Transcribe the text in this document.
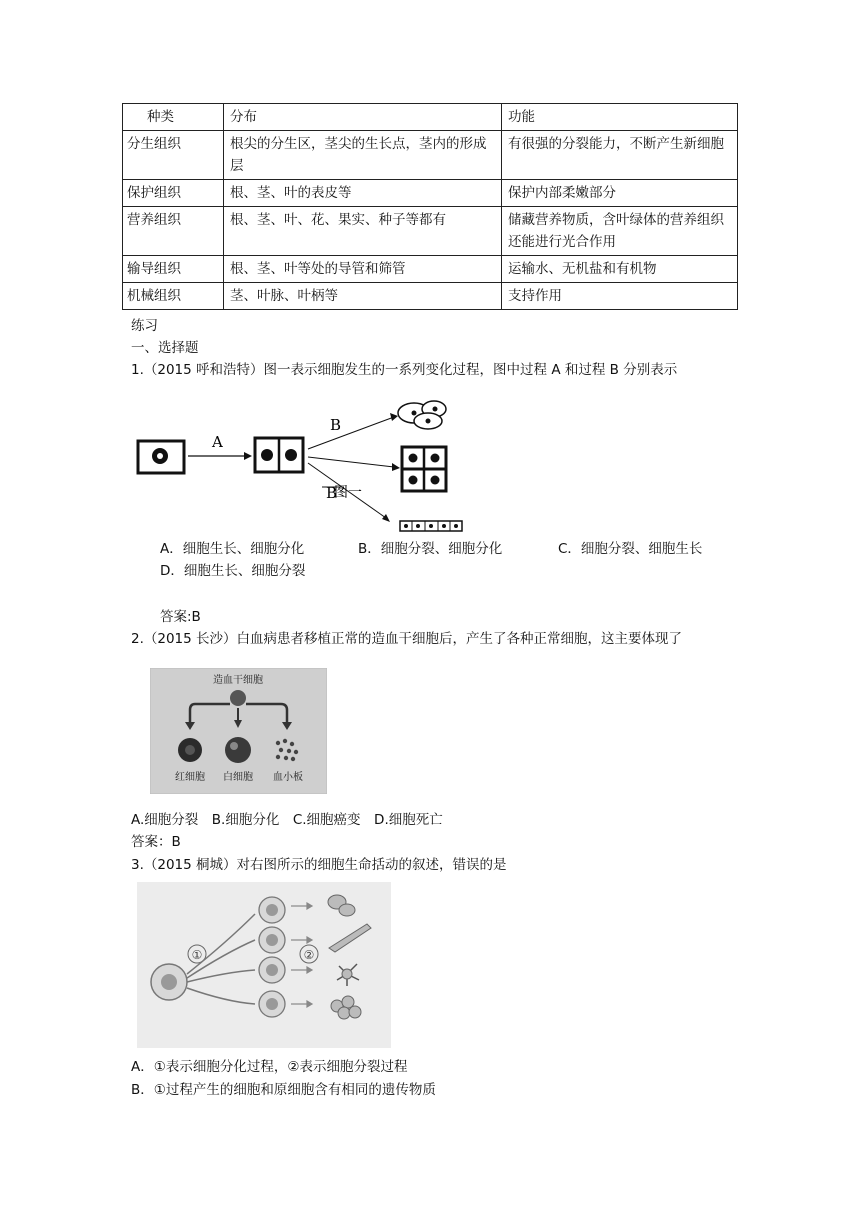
种类	分布	功能
分生组织	根尖的分生区，茎尖的生长点，茎内的形成层	有很强的分裂能力，不断产生新细胞
保护组织	根、茎、叶的表皮等	保护内部柔嫩部分
营养组织	根、茎、叶、花、果实、种子等都有	储藏营养物质，含叶绿体的营养组织还能进行光合作用
输导组织	根、茎、叶等处的导管和筛管	运输水、无机盐和有机物
机械组织	茎、叶脉、叶柄等	支持作用
练习
一、选择题
1.（2015 呼和浩特）图一表示细胞发生的一系列变化过程，图中过程 A 和过程 B 分别表示
A
B
B
图一
A．细胞生长、细胞分化	B．细胞分裂、细胞分化	C．细胞分裂、细胞生长
D．细胞生长、细胞分裂
答案:B
2.（2015 长沙）白血病患者移植正常的造血干细胞后，产生了各种正常细胞，这主要体现了
造血干细胞
红细胞 白细胞 血小板
A.细胞分裂　B.细胞分化　C.细胞癌变　D.细胞死亡
答案：B
3.（2015 桐城）对右图所示的细胞生命括动的叙述，错误的是
①	②
A．①表示细胞分化过程，②表示细胞分裂过程
B．①过程产生的细胞和原细胞含有相同的遗传物质
